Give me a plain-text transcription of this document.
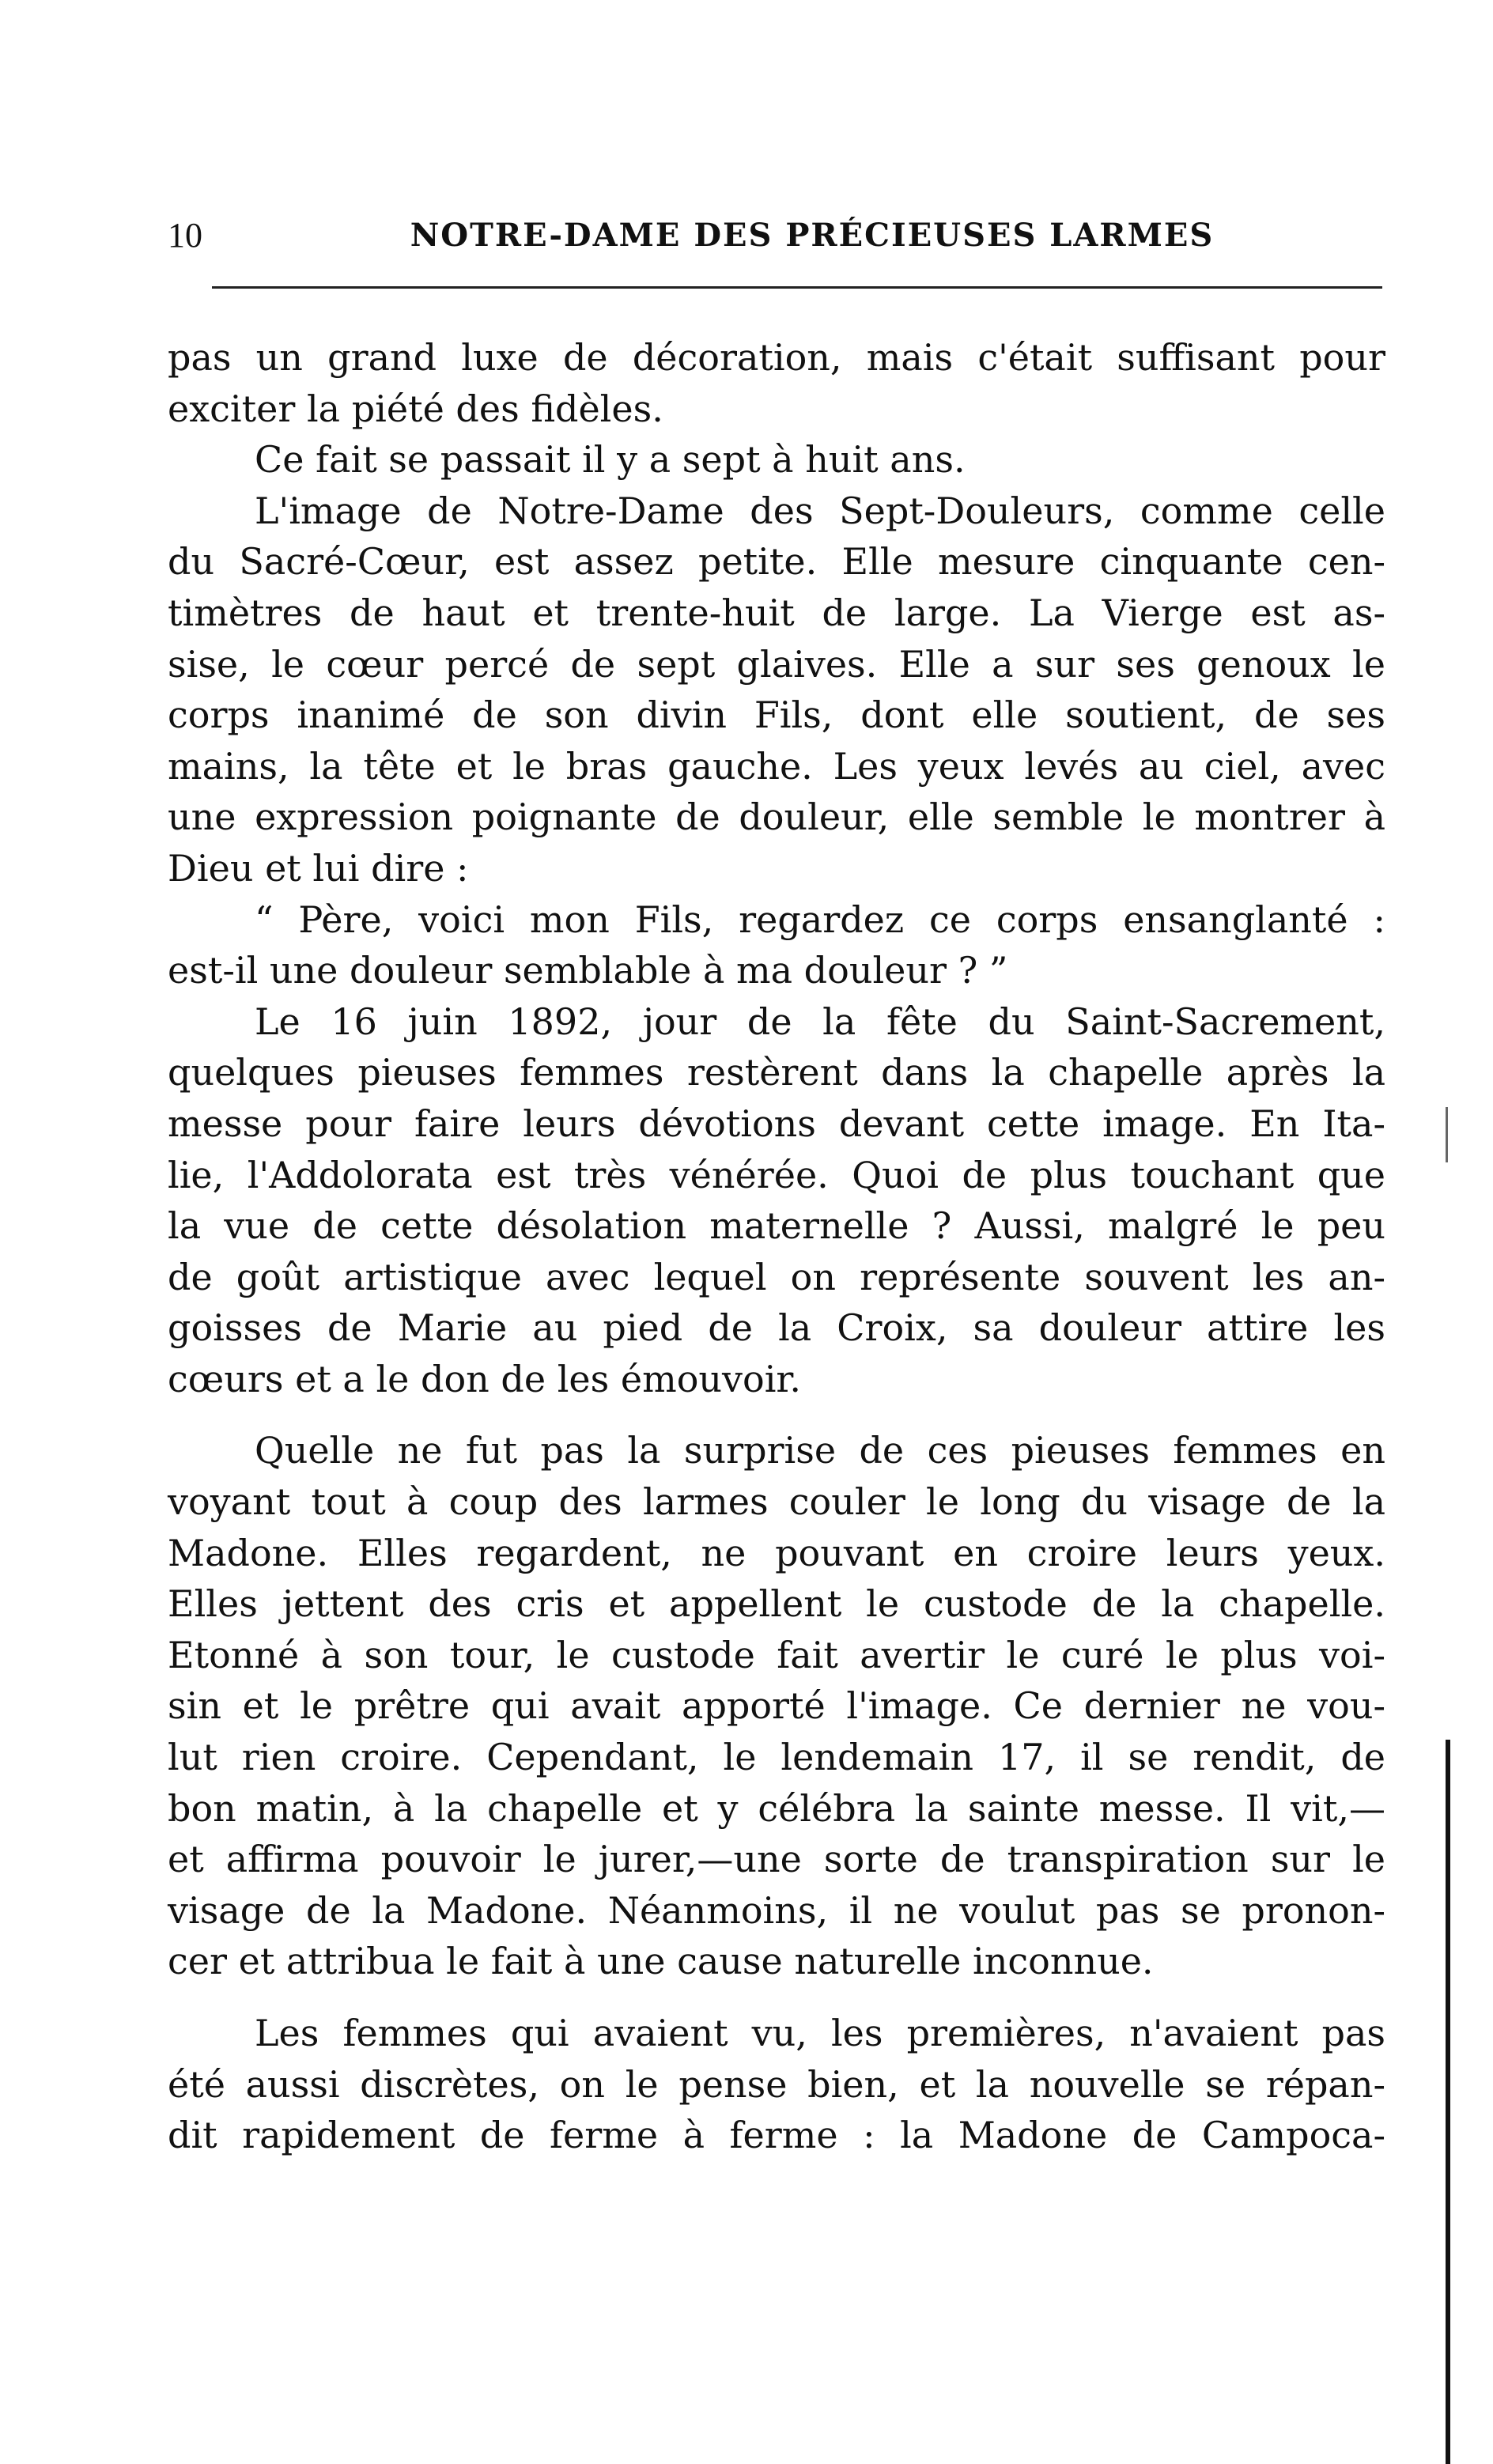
10	NOTRE-DAME DES PRÉCIEUSES LARMES
pas un grand luxe de décoration, mais c'était suffisant pour
exciter la piété des fidèles.
Ce fait se passait il y a sept à huit ans.
L'image de Notre-Dame des Sept-Douleurs, comme celle
du Sacré-Cœur, est assez petite. Elle mesure cinquante cen-
timètres de haut et trente-huit de large. La Vierge est as-
sise, le cœur percé de sept glaives. Elle a sur ses genoux le
corps inanimé de son divin Fils, dont elle soutient, de ses
mains, la tête et le bras gauche. Les yeux levés au ciel, avec
une expression poignante de douleur, elle semble le montrer à
Dieu et lui dire :
“ Père, voici mon Fils, regardez ce corps ensanglanté :
est-il une douleur semblable à ma douleur ? ”
Le 16 juin 1892, jour de la fête du Saint-Sacrement,
quelques pieuses femmes restèrent dans la chapelle après la
messe pour faire leurs dévotions devant cette image. En Ita-
lie, l'Addolorata est très vénérée. Quoi de plus touchant que
la vue de cette désolation maternelle ? Aussi, malgré le peu
de goût artistique avec lequel on représente souvent les an-
goisses de Marie au pied de la Croix, sa douleur attire les
cœurs et a le don de les émouvoir.
Quelle ne fut pas la surprise de ces pieuses femmes en
voyant tout à coup des larmes couler le long du visage de la
Madone. Elles regardent, ne pouvant en croire leurs yeux.
Elles jettent des cris et appellent le custode de la chapelle.
Etonné à son tour, le custode fait avertir le curé le plus voi-
sin et le prêtre qui avait apporté l'image. Ce dernier ne vou-
lut rien croire. Cependant, le lendemain 17, il se rendit, de
bon matin, à la chapelle et y célébra la sainte messe. Il vit,—
et affirma pouvoir le jurer,—une sorte de transpiration sur le
visage de la Madone. Néanmoins, il ne voulut pas se pronon-
cer et attribua le fait à une cause naturelle inconnue.
Les femmes qui avaient vu, les premières, n'avaient pas
été aussi discrètes, on le pense bien, et la nouvelle se répan-
dit rapidement de ferme à ferme : la Madone de Campoca-
